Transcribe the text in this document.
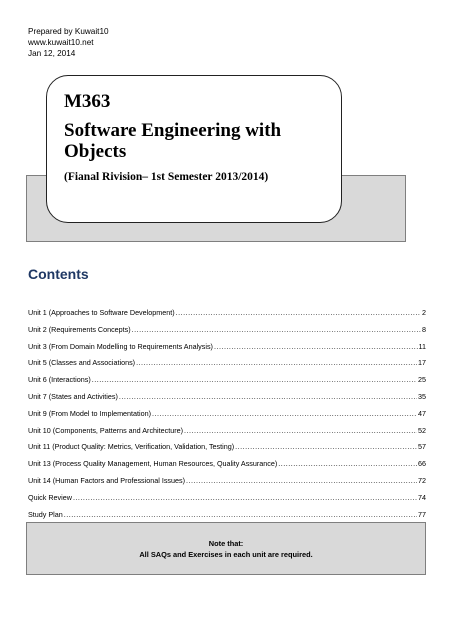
Prepared by Kuwait10
www.kuwait10.net
Jan 12, 2014
M363
Software Engineering with Objects
(Fianal Rivision– 1st Semester 2013/2014)
Contents
Unit 1 (Approaches to Software Development) .....	2
Unit 2 (Requirements Concepts) .....	8
Unit 3 (From Domain Modelling to Requirements Analysis) .....	11
Unit 5 (Classes and Associations) .....	17
Unit 6 (Interactions) .....	25
Unit 7 (States and Activities) .....	35
Unit 9 (From Model to Implementation) .....	47
Unit 10 (Components, Patterns and Architecture) .....	52
Unit 11 (Product Quality: Metrics, Verification, Validation, Testing) .....	57
Unit 13 (Process Quality Management, Human Resources, Quality Assurance) .....	66
Unit 14 (Human Factors and Professional Issues) .....	72
Quick Review .....	74
Study Plan .....	77
Note that:
All SAQs and Exercises in each unit are required.
